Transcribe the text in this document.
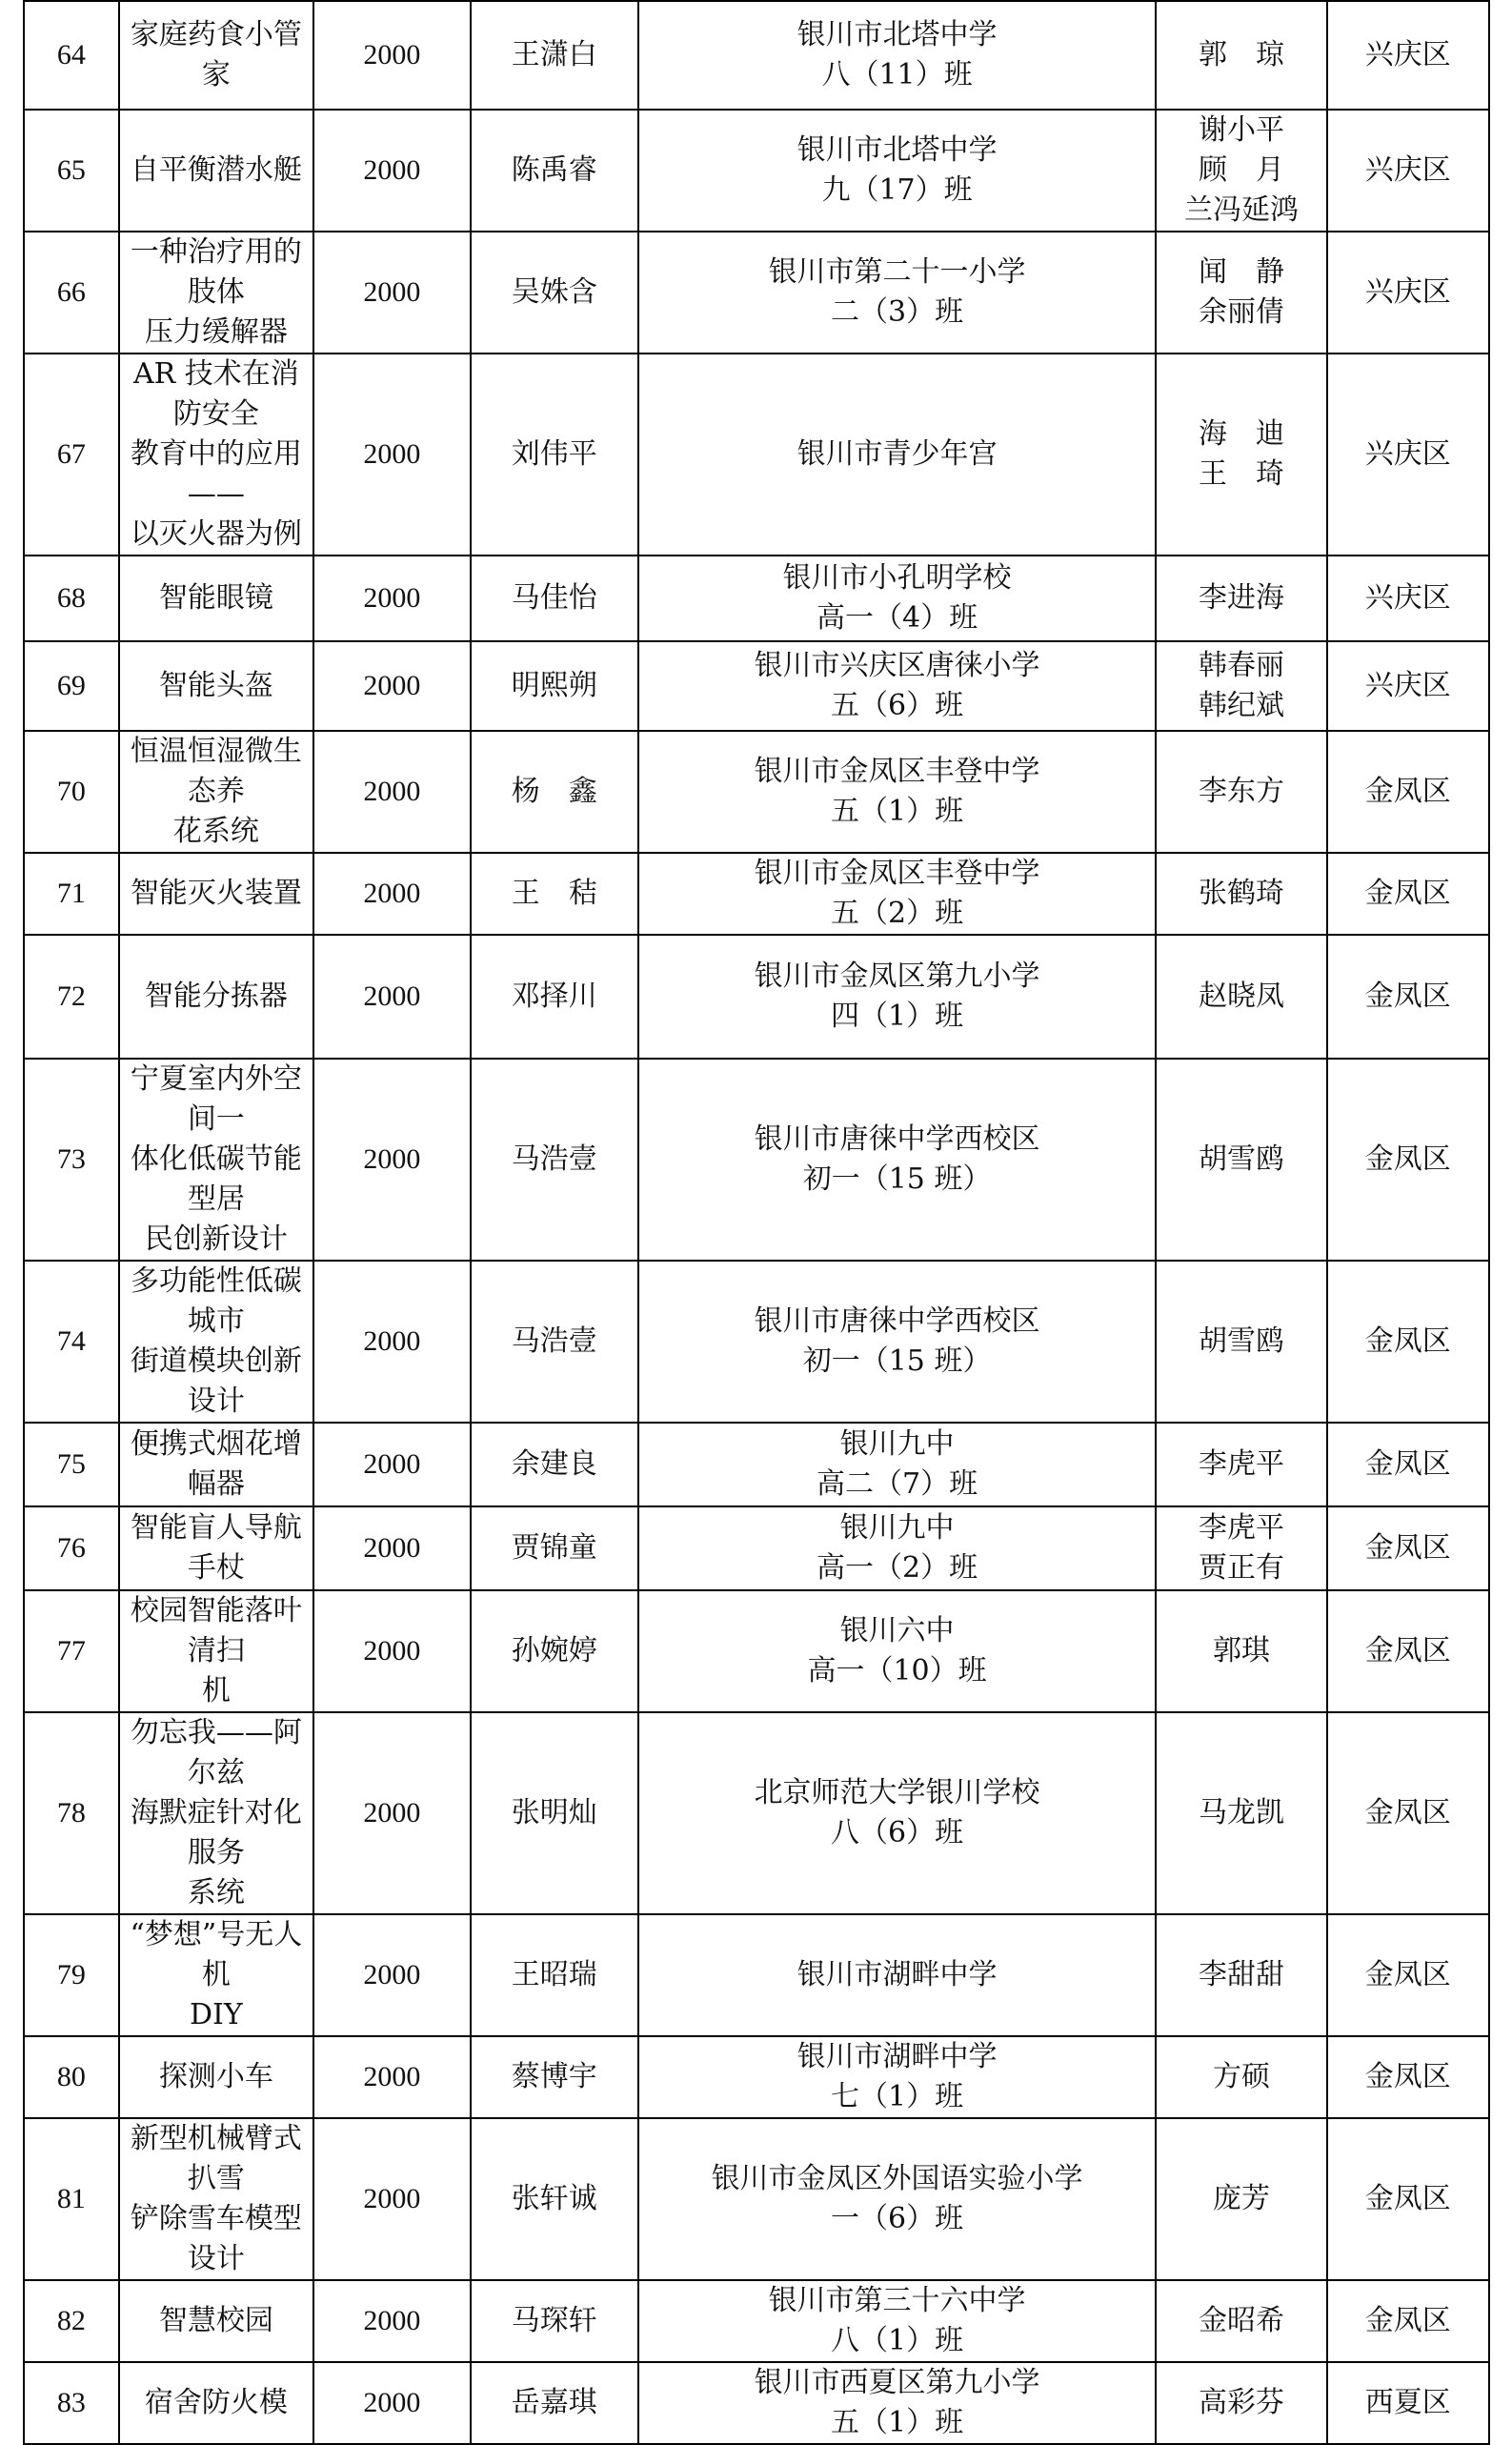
64	家庭药食小管家	2000	王潇白	银川市北塔中学
八（11）班	郭　琼	兴庆区
65	自平衡潜水艇	2000	陈禹睿	银川市北塔中学
九（17）班	谢小平
顾　月
兰冯延鸿	兴庆区
66	一种治疗用的肢体
压力缓解器	2000	吴姝含	银川市第二十一小学
二（3）班	闻　静
余丽倩	兴庆区
67	AR 技术在消防安全
教育中的应用——
以灭火器为例	2000	刘伟平	银川市青少年宫	海　迪
王　琦	兴庆区
68	智能眼镜	2000	马佳怡	银川市小孔明学校
高一（4）班	李进海	兴庆区
69	智能头盔	2000	明熙朔	银川市兴庆区唐徕小学
五（6）班	韩春丽
韩纪斌	兴庆区
70	恒温恒湿微生态养
花系统	2000	杨　鑫	银川市金凤区丰登中学
五（1）班	李东方	金凤区
71	智能灭火装置	2000	王　秸	银川市金凤区丰登中学
五（2）班	张鹤琦	金凤区
72	智能分拣器	2000	邓择川	银川市金凤区第九小学
四（1）班	赵晓凤	金凤区
73	宁夏室内外空间一
体化低碳节能型居
民创新设计	2000	马浩壹	银川市唐徕中学西校区
初一（15 班）	胡雪鸥	金凤区
74	多功能性低碳城市
街道模块创新设计	2000	马浩壹	银川市唐徕中学西校区
初一（15 班）	胡雪鸥	金凤区
75	便携式烟花增幅器	2000	余建良	银川九中
高二（7）班	李虎平	金凤区
76	智能盲人导航手杖	2000	贾锦童	银川九中
高一（2）班	李虎平
贾正有	金凤区
77	校园智能落叶清扫
机	2000	孙婉婷	银川六中
高一（10）班	郭琪	金凤区
78	勿忘我——阿尔兹
海默症针对化服务
系统	2000	张明灿	北京师范大学银川学校
八（6）班	马龙凯	金凤区
79	“梦想”号无人机
DIY	2000	王昭瑞	银川市湖畔中学	李甜甜	金凤区
80	探测小车	2000	蔡博宇	银川市湖畔中学
七（1）班	方硕	金凤区
81	新型机械臂式扒雪
铲除雪车模型设计	2000	张轩诚	银川市金凤区外国语实验小学
一（6）班	庞芳	金凤区
82	智慧校园	2000	马琛轩	银川市第三十六中学
八（1）班	金昭希	金凤区
83	宿舍防火模	2000	岳嘉琪	银川市西夏区第九小学
五（1）班	高彩芬	西夏区
